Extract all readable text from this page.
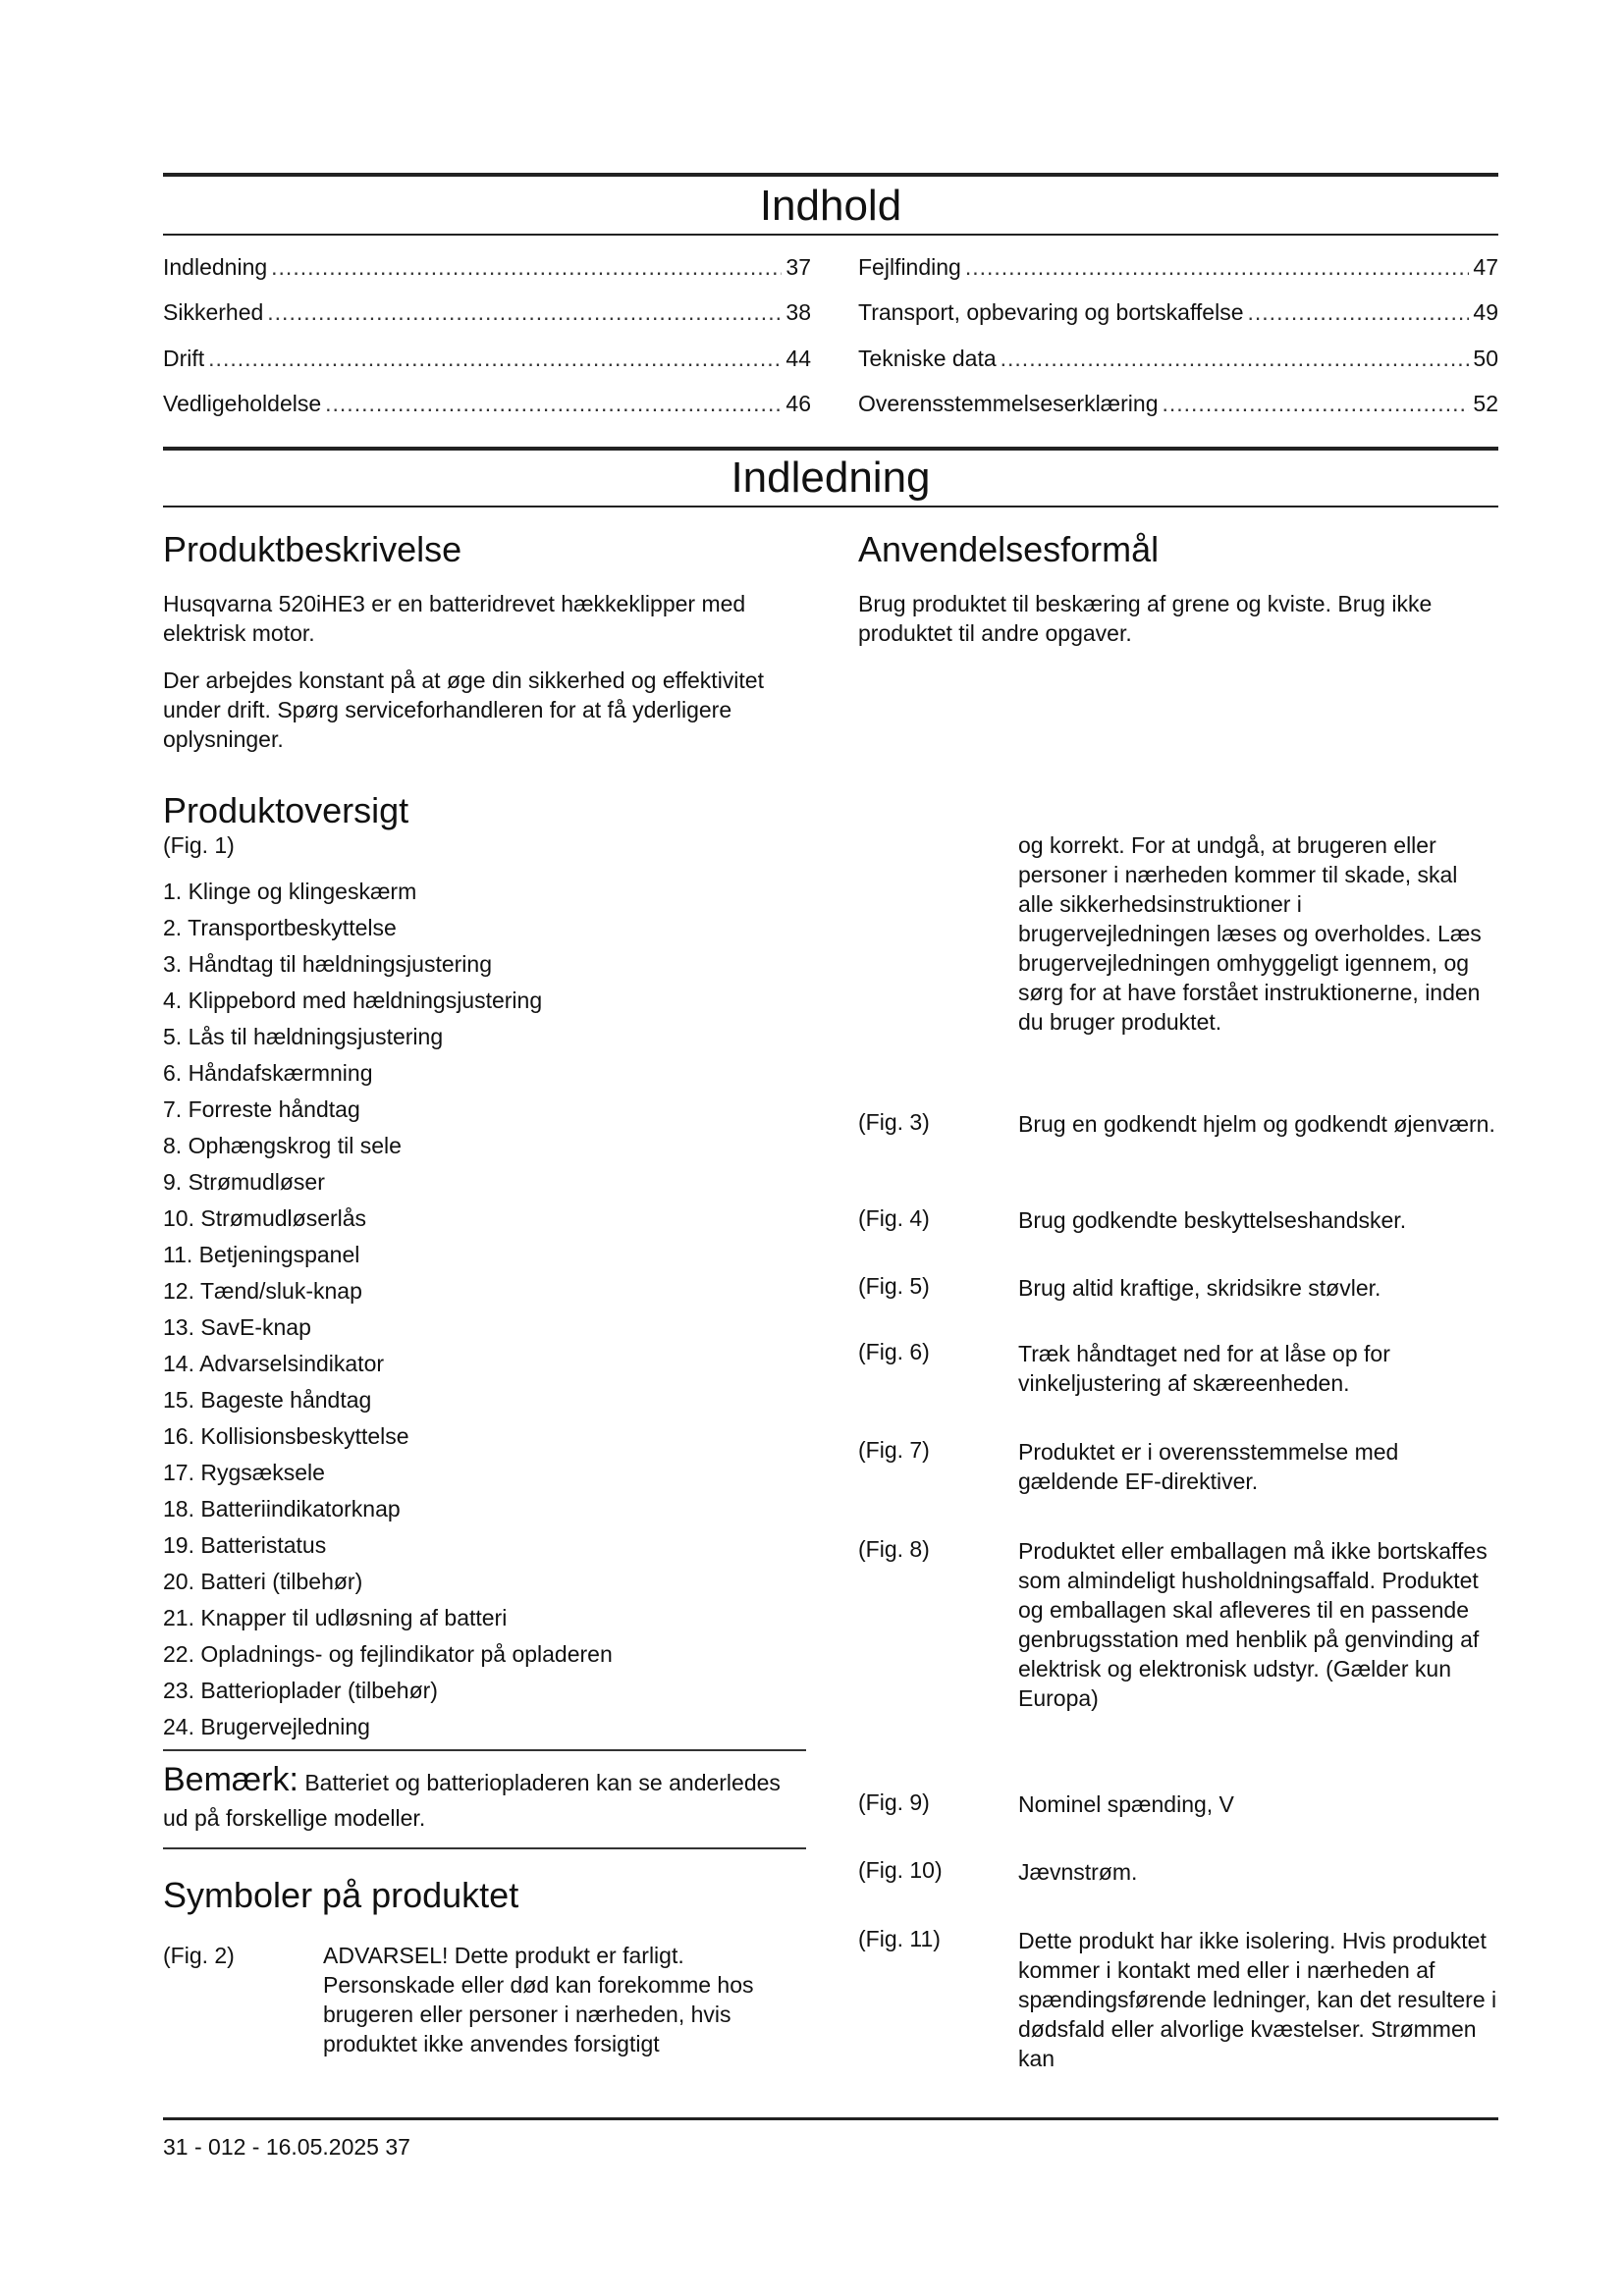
Indhold
Indledning .....	37
Sikkerhed .....	38
Drift .....	44
Vedligeholdelse .....	46
Fejlfinding .....	47
Transport, opbevaring og bortskaffelse .....	49
Tekniske data .....	50
Overensstemmelseserklæring .....	52
Indledning
Produktbeskrivelse
Husqvarna 520iHE3 er en batteridrevet hækkeklipper med elektrisk motor.
Der arbejdes konstant på at øge din sikkerhed og effektivitet under drift. Spørg serviceforhandleren for at få yderligere oplysninger.
Produktoversigt
(Fig. 1)
1. Klinge og klingeskærm
2. Transportbeskyttelse
3. Håndtag til hældningsjustering
4. Klippebord med hældningsjustering
5. Lås til hældningsjustering
6. Håndafskærmning
7. Forreste håndtag
8. Ophængskrog til sele
9. Strømudløser
10. Strømudløserlås
11. Betjeningspanel
12. Tænd/sluk-knap
13. SavE-knap
14. Advarselsindikator
15. Bageste håndtag
16. Kollisionsbeskyttelse
17. Rygsæksele
18. Batteriindikatorknap
19. Batteristatus
20. Batteri (tilbehør)
21. Knapper til udløsning af batteri
22. Opladnings- og fejlindikator på opladeren
23. Batterioplader (tilbehør)
24. Brugervejledning
Bemærk: Batteriet og batteriopladeren kan se anderledes ud på forskellige modeller.
Symboler på produktet
(Fig. 2)	ADVARSEL! Dette produkt er farligt. Personskade eller død kan forekomme hos brugeren eller personer i nærheden, hvis produktet ikke anvendes forsigtigt
Anvendelsesformål
Brug produktet til beskæring af grene og kviste. Brug ikke produktet til andre opgaver.
og korrekt. For at undgå, at brugeren eller personer i nærheden kommer til skade, skal alle sikkerhedsinstruktioner i brugervejledningen læses og overholdes. Læs brugervejledningen omhyggeligt igennem, og sørg for at have forstået instruktionerne, inden du bruger produktet.
(Fig. 3)	Brug en godkendt hjelm og godkendt øjenværn.
(Fig. 4)	Brug godkendte beskyttelseshandsker.
(Fig. 5)	Brug altid kraftige, skridsikre støvler.
(Fig. 6)	Træk håndtaget ned for at låse op for vinkeljustering af skæreenheden.
(Fig. 7)	Produktet er i overensstemmelse med gældende EF-direktiver.
(Fig. 8)	Produktet eller emballagen må ikke bortskaffes som almindeligt husholdningsaffald. Produktet og emballagen skal afleveres til en passende genbrugsstation med henblik på genvinding af elektrisk og elektronisk udstyr. (Gælder kun Europa)
(Fig. 9)	Nominel spænding, V
(Fig. 10)	Jævnstrøm.
(Fig. 11)	Dette produkt har ikke isolering. Hvis produktet kommer i kontakt med eller i nærheden af spændingsførende ledninger, kan det resultere i dødsfald eller alvorlige kvæstelser. Strømmen kan
31 - 012 - 16.05.2025 37
